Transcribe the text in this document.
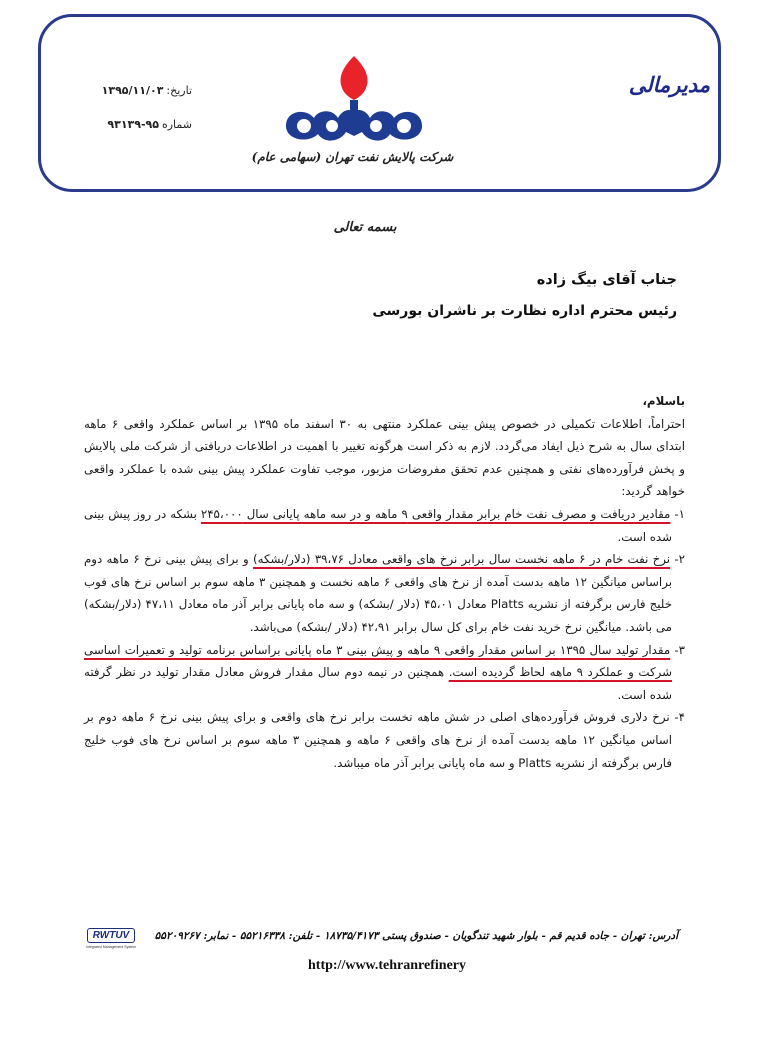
مدیرمالی
شرکت پالایش نفت تهران (سهامی عام)
تاریخ:۱۳۹۵/۱۱/۰۳
شماره۹۵-۹۳۱۳۹
بسمه تعالی
جناب آقای بیگ زاده
رئیس محترم اداره نظارت بر ناشران بورسی

باسلام،

احتراماً، اطلاعات تکمیلی در خصوص پیش بینی عملکرد منتهی به ۳۰ اسفند ماه ۱۳۹۵ بر اساس عملکرد واقعی ۶ ماهه ابتدای سال به شرح ذیل ایفاد می‌گردد. لازم به ذکر است هرگونه تغییر با اهمیت در اطلاعات دریافتی از شرکت ملی پالایش و پخش فرآورده‌های نفتی و همچنین عدم تحقق مفروضات مزبور، موجب تفاوت عملکرد پیش بینی شده با عملکرد واقعی خواهد گردید:

۱- مقادیر دریافت و مصرف نفت خام برابر مقدار واقعی ۹ ماهه و در سه ماهه پایانی سال ۲۴۵،۰۰۰ بشکه در روز پیش بینی شده است.

۲- نرخ نفت خام در ۶ ماهه نخست سال برابر نرخ های واقعی معادل ۳۹،۷۶ (دلار/بشکه) و برای پیش بینی نرخ ۶ ماهه دوم براساس میانگین ۱۲ ماهه بدست آمده از نرخ های واقعی ۶ ماهه نخست و همچنین ۳ ماهه سوم بر اساس نرخ های فوب خلیج فارس برگرفته از نشریه Platts معادل ۴۵،۰۱ (دلار /بشکه) و سه ماه پایانی برابر آذر ماه معادل ۴۷،۱۱ (دلار/بشکه) می باشد. میانگین نرخ خرید نفت خام برای کل سال برابر ۴۲،۹۱ (دلار /بشکه) می‌باشد.

۳- مقدار تولید سال ۱۳۹۵ بر اساس مقدار واقعی ۹ ماهه و پیش بینی ۳ ماه پایانی براساس برنامه تولید و تعمیرات اساسی شرکت و عملکرد ۹ ماهه لحاظ گردیده است. همچنین در نیمه دوم سال مقدار فروش معادل مقدار تولید در نظر گرفته شده است.

۴- نرخ دلاری فروش فرآورده‌های اصلی در شش ماهه نخست برابر نرخ های واقعی و برای پیش بینی نرخ ۶ ماهه دوم بر اساس میانگین ۱۲ ماهه بدست آمده از نرخ های واقعی ۶ ماهه و همچنین ۳ ماهه سوم بر اساس نرخ های فوب خلیج فارس برگرفته از نشریه Platts و سه ماه پایانی برابر آذر ماه میباشد.

آدرس: تهران - جاده قدیم قم - بلوار شهید تندگویان - صندوق پستی ۱۸۷۳۵/۴۱۷۳ - تلفن: ۵۵۲۱۶۳۳۸ - نمابر: ۵۵۲۰۹۲۶۷
http://www.tehranrefinery
RWTUV
Integrated Management System
